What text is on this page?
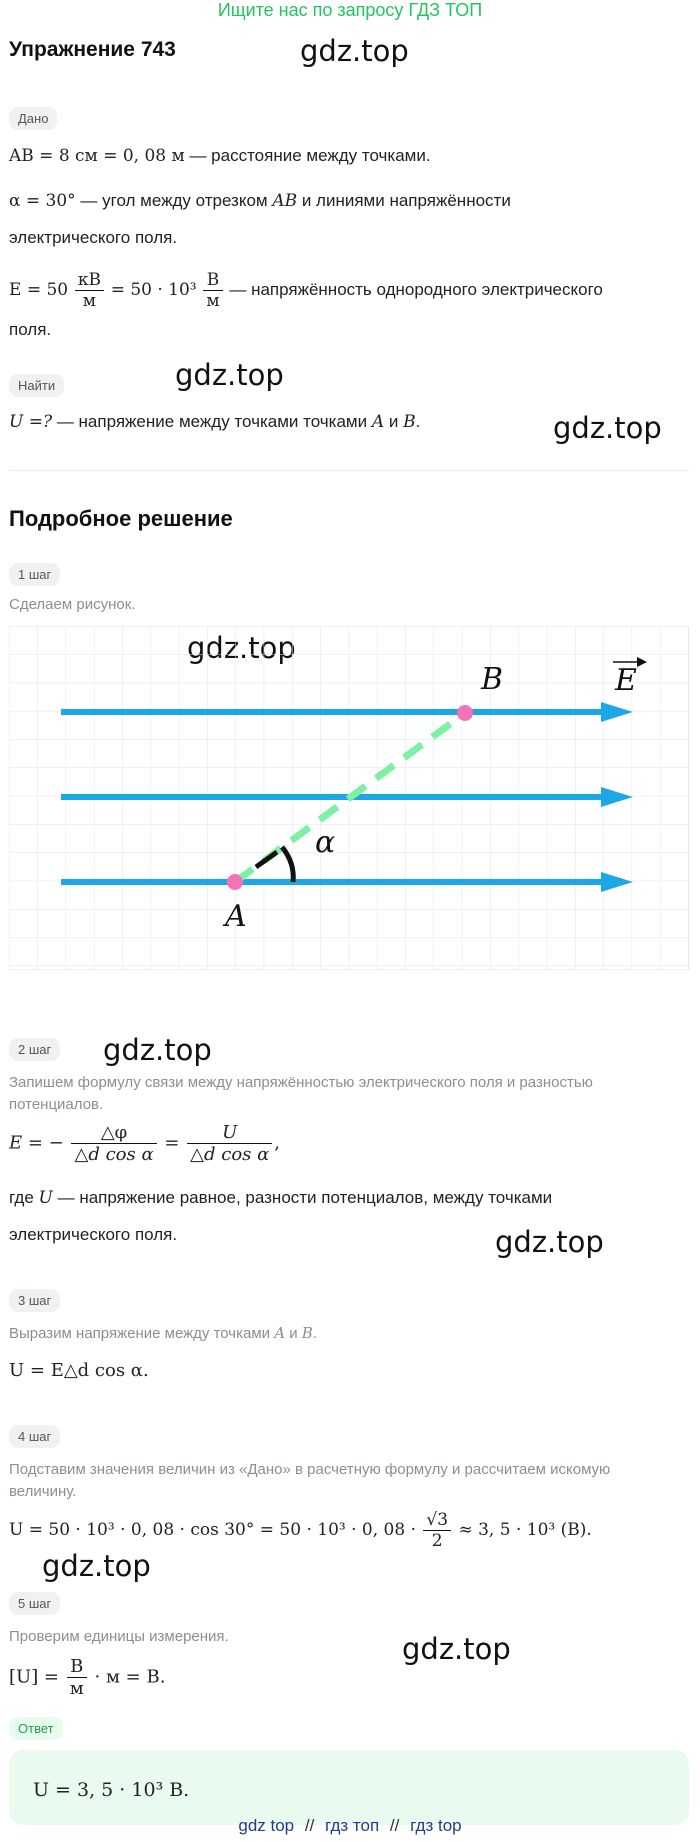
Ищите нас по запросу ГДЗ ТОП
Упражнение 743	gdz.top
gdz.top
gdz.top
gdz.top
gdz.top
gdz.top
gdz.top
Дано
AB = 8 см = 0, 08 м — расстояние между точками.
α = 30° — угол между отрезком AB и линиями напряжённости
электрического поля.
$E = 50 \frac{кВ}{м} = 50 \cdot 10^3 \frac{В}{м}$ — напряжённость однородного электрического
поля.
Найти
U =? — напряжение между точками точками A и B.
Подробное решение
1 шаг
Сделаем рисунок.
A
B
α
E
2 шаг
Запишем формулу связи между напряжённостью электрического поля и разностью
потенциалов.
E = − $\frac{\triangle\varphi}{\text{△d cos α}} = \frac{U}{\text{△d cos α}}$ ,
где U — напряжение равное, разности потенциалов, между точками
электрического поля.
3 шаг
Выразим напряжение между точками A и B.
U = E△d cos α.
4 шаг
Подставим значения величин из «Дано» в расчетную формулу и рассчитаем искомую
величину.
U = 50 · 10³ · 0, 08 · cos 30° = 50 · 10³ · 0, $08 \cdot \frac{√3}{2} \approx 3$, 5 · 10³ (В).
5 шаг
Проверим единицы измерения.
$[U] = \frac{В}{м} \cdot м = В$.
Ответ
U = 3, 5 · 10³ В.
gdz top // гдз топ // гдз top
